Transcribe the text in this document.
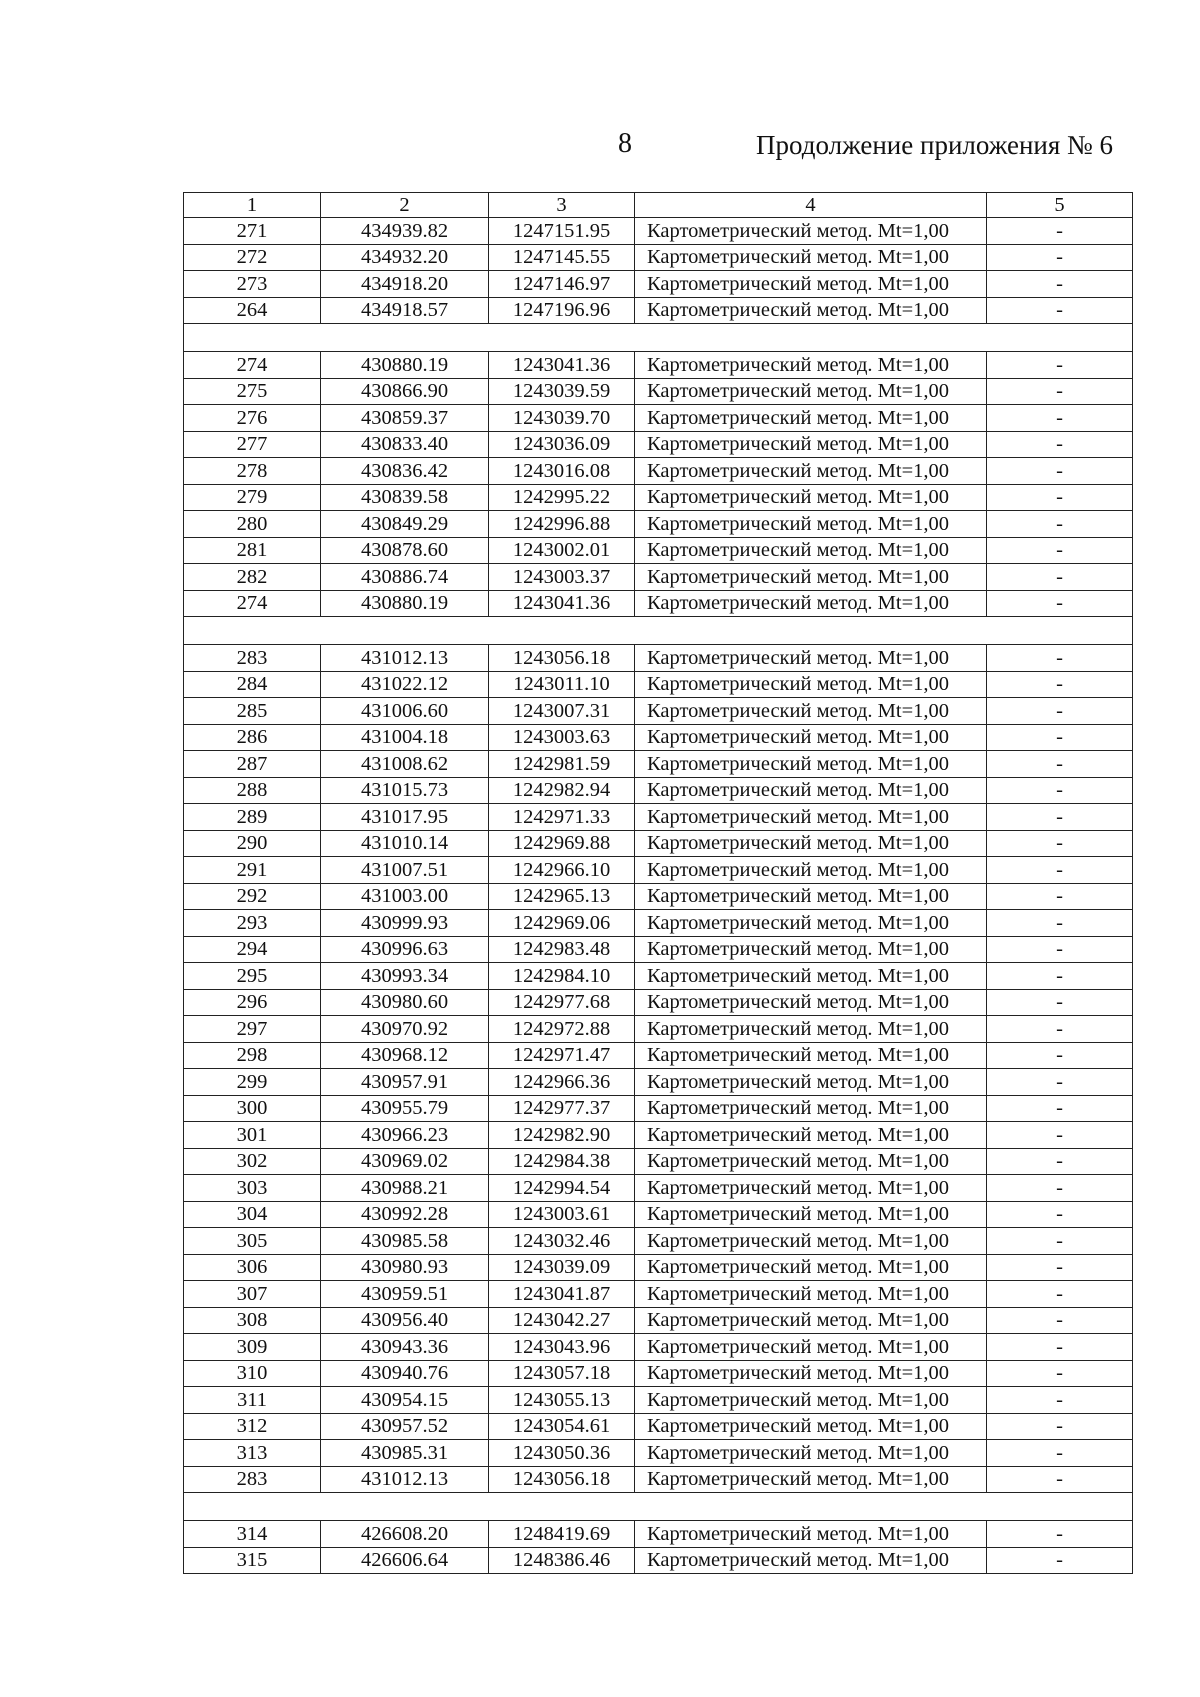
8	Продолжение приложения № 6
1	2	3	4	5
271	434939.82	1247151.95	Картометрический метод. Mt=1,00	-
272	434932.20	1247145.55	Картометрический метод. Mt=1,00	-
273	434918.20	1247146.97	Картометрический метод. Mt=1,00	-
264	434918.57	1247196.96	Картометрический метод. Mt=1,00	-

274	430880.19	1243041.36	Картометрический метод. Mt=1,00	-
275	430866.90	1243039.59	Картометрический метод. Mt=1,00	-
276	430859.37	1243039.70	Картометрический метод. Mt=1,00	-
277	430833.40	1243036.09	Картометрический метод. Mt=1,00	-
278	430836.42	1243016.08	Картометрический метод. Mt=1,00	-
279	430839.58	1242995.22	Картометрический метод. Mt=1,00	-
280	430849.29	1242996.88	Картометрический метод. Mt=1,00	-
281	430878.60	1243002.01	Картометрический метод. Mt=1,00	-
282	430886.74	1243003.37	Картометрический метод. Mt=1,00	-
274	430880.19	1243041.36	Картометрический метод. Mt=1,00	-

283	431012.13	1243056.18	Картометрический метод. Mt=1,00	-
284	431022.12	1243011.10	Картометрический метод. Mt=1,00	-
285	431006.60	1243007.31	Картометрический метод. Mt=1,00	-
286	431004.18	1243003.63	Картометрический метод. Mt=1,00	-
287	431008.62	1242981.59	Картометрический метод. Mt=1,00	-
288	431015.73	1242982.94	Картометрический метод. Mt=1,00	-
289	431017.95	1242971.33	Картометрический метод. Mt=1,00	-
290	431010.14	1242969.88	Картометрический метод. Mt=1,00	-
291	431007.51	1242966.10	Картометрический метод. Mt=1,00	-
292	431003.00	1242965.13	Картометрический метод. Mt=1,00	-
293	430999.93	1242969.06	Картометрический метод. Mt=1,00	-
294	430996.63	1242983.48	Картометрический метод. Mt=1,00	-
295	430993.34	1242984.10	Картометрический метод. Mt=1,00	-
296	430980.60	1242977.68	Картометрический метод. Mt=1,00	-
297	430970.92	1242972.88	Картометрический метод. Mt=1,00	-
298	430968.12	1242971.47	Картометрический метод. Mt=1,00	-
299	430957.91	1242966.36	Картометрический метод. Mt=1,00	-
300	430955.79	1242977.37	Картометрический метод. Mt=1,00	-
301	430966.23	1242982.90	Картометрический метод. Mt=1,00	-
302	430969.02	1242984.38	Картометрический метод. Mt=1,00	-
303	430988.21	1242994.54	Картометрический метод. Mt=1,00	-
304	430992.28	1243003.61	Картометрический метод. Mt=1,00	-
305	430985.58	1243032.46	Картометрический метод. Mt=1,00	-
306	430980.93	1243039.09	Картометрический метод. Mt=1,00	-
307	430959.51	1243041.87	Картометрический метод. Mt=1,00	-
308	430956.40	1243042.27	Картометрический метод. Mt=1,00	-
309	430943.36	1243043.96	Картометрический метод. Mt=1,00	-
310	430940.76	1243057.18	Картометрический метод. Mt=1,00	-
311	430954.15	1243055.13	Картометрический метод. Mt=1,00	-
312	430957.52	1243054.61	Картометрический метод. Mt=1,00	-
313	430985.31	1243050.36	Картометрический метод. Mt=1,00	-
283	431012.13	1243056.18	Картометрический метод. Mt=1,00	-

314	426608.20	1248419.69	Картометрический метод. Mt=1,00	-
315	426606.64	1248386.46	Картометрический метод. Mt=1,00	-
